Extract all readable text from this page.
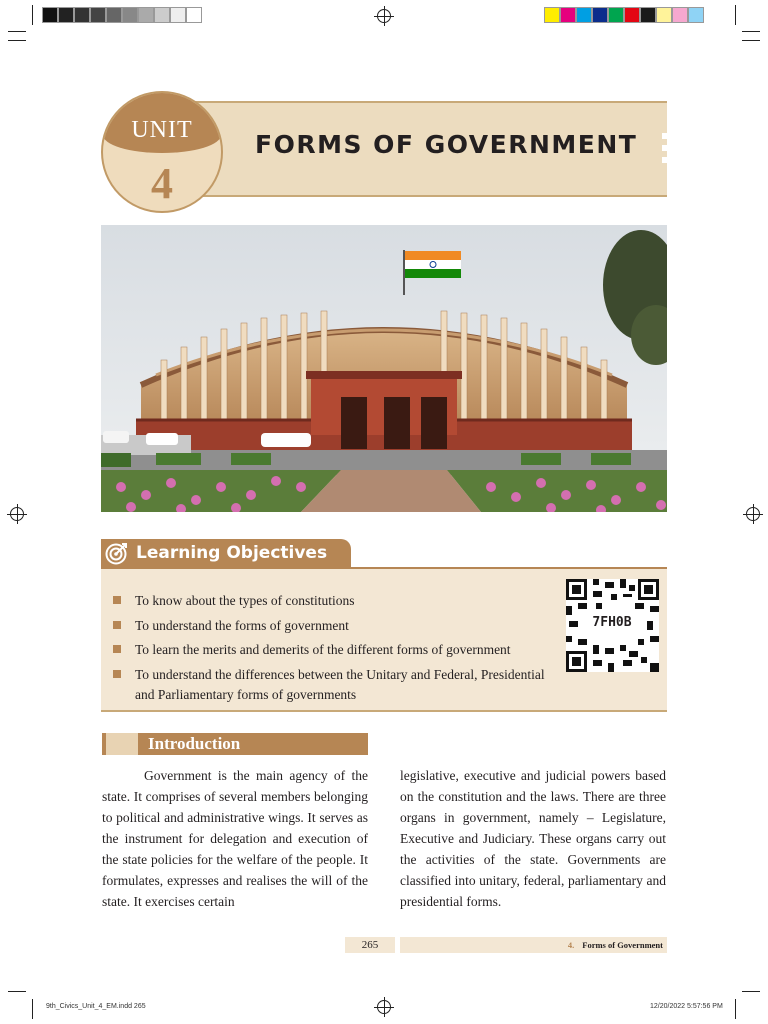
UNIT
4
FORMS OF GOVERNMENT
Learning Objectives
To know about the types of constitutions
To understand the forms of government
To learn the merits and demerits of the different forms of government
To understand the differences between the Unitary and Federal, Presidential
and Parliamentary forms of governments
7FH0B
Introduction
Government is the main agency of the state. It comprises of several members belonging to political and administrative wings. It serves as the instrument for delegation and execution of the state policies for the welfare of the people. It formulates, expresses and realises the will of the state. It exercises certain
legislative, executive and judicial powers based on the constitution and the laws. There are three organs in government, namely – Legislature, Executive and Judiciary. These organs carry out the activities of the state. Governments are classified into unitary, federal, parliamentary and presidential forms.
265	4. Forms of Government
9th_Civics_Unit_4_EM.indd 265	12/20/2022 5:57:56 PM
